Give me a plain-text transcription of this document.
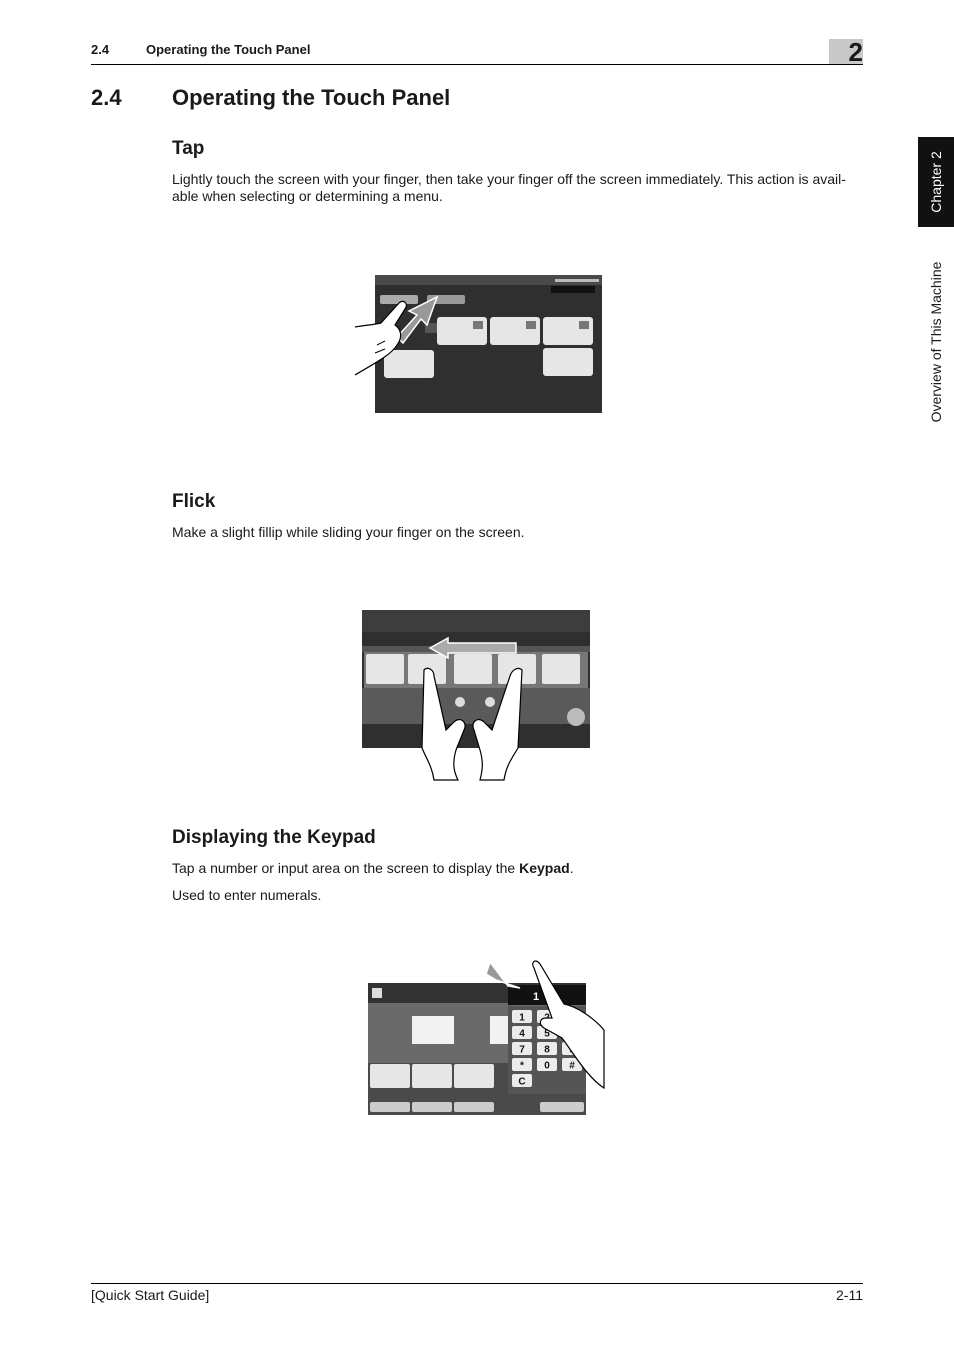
2.4	Operating the Touch Panel	2
Chapter 2
Overview of This Machine
2.4 Operating the Touch Panel
Tap
Lightly touch the screen with your finger, then take your finger off the screen immediately. This action is avail-able when selecting or determining a menu.
Flick
Make a slight fillip while sliding your finger on the screen.
Displaying the Keypad
Tap a number or input area on the screen to display the Keypad.
Used to enter numerals.
1
1
4 5
7 8
* 0 #
C
[Quick Start Guide]	2-11
